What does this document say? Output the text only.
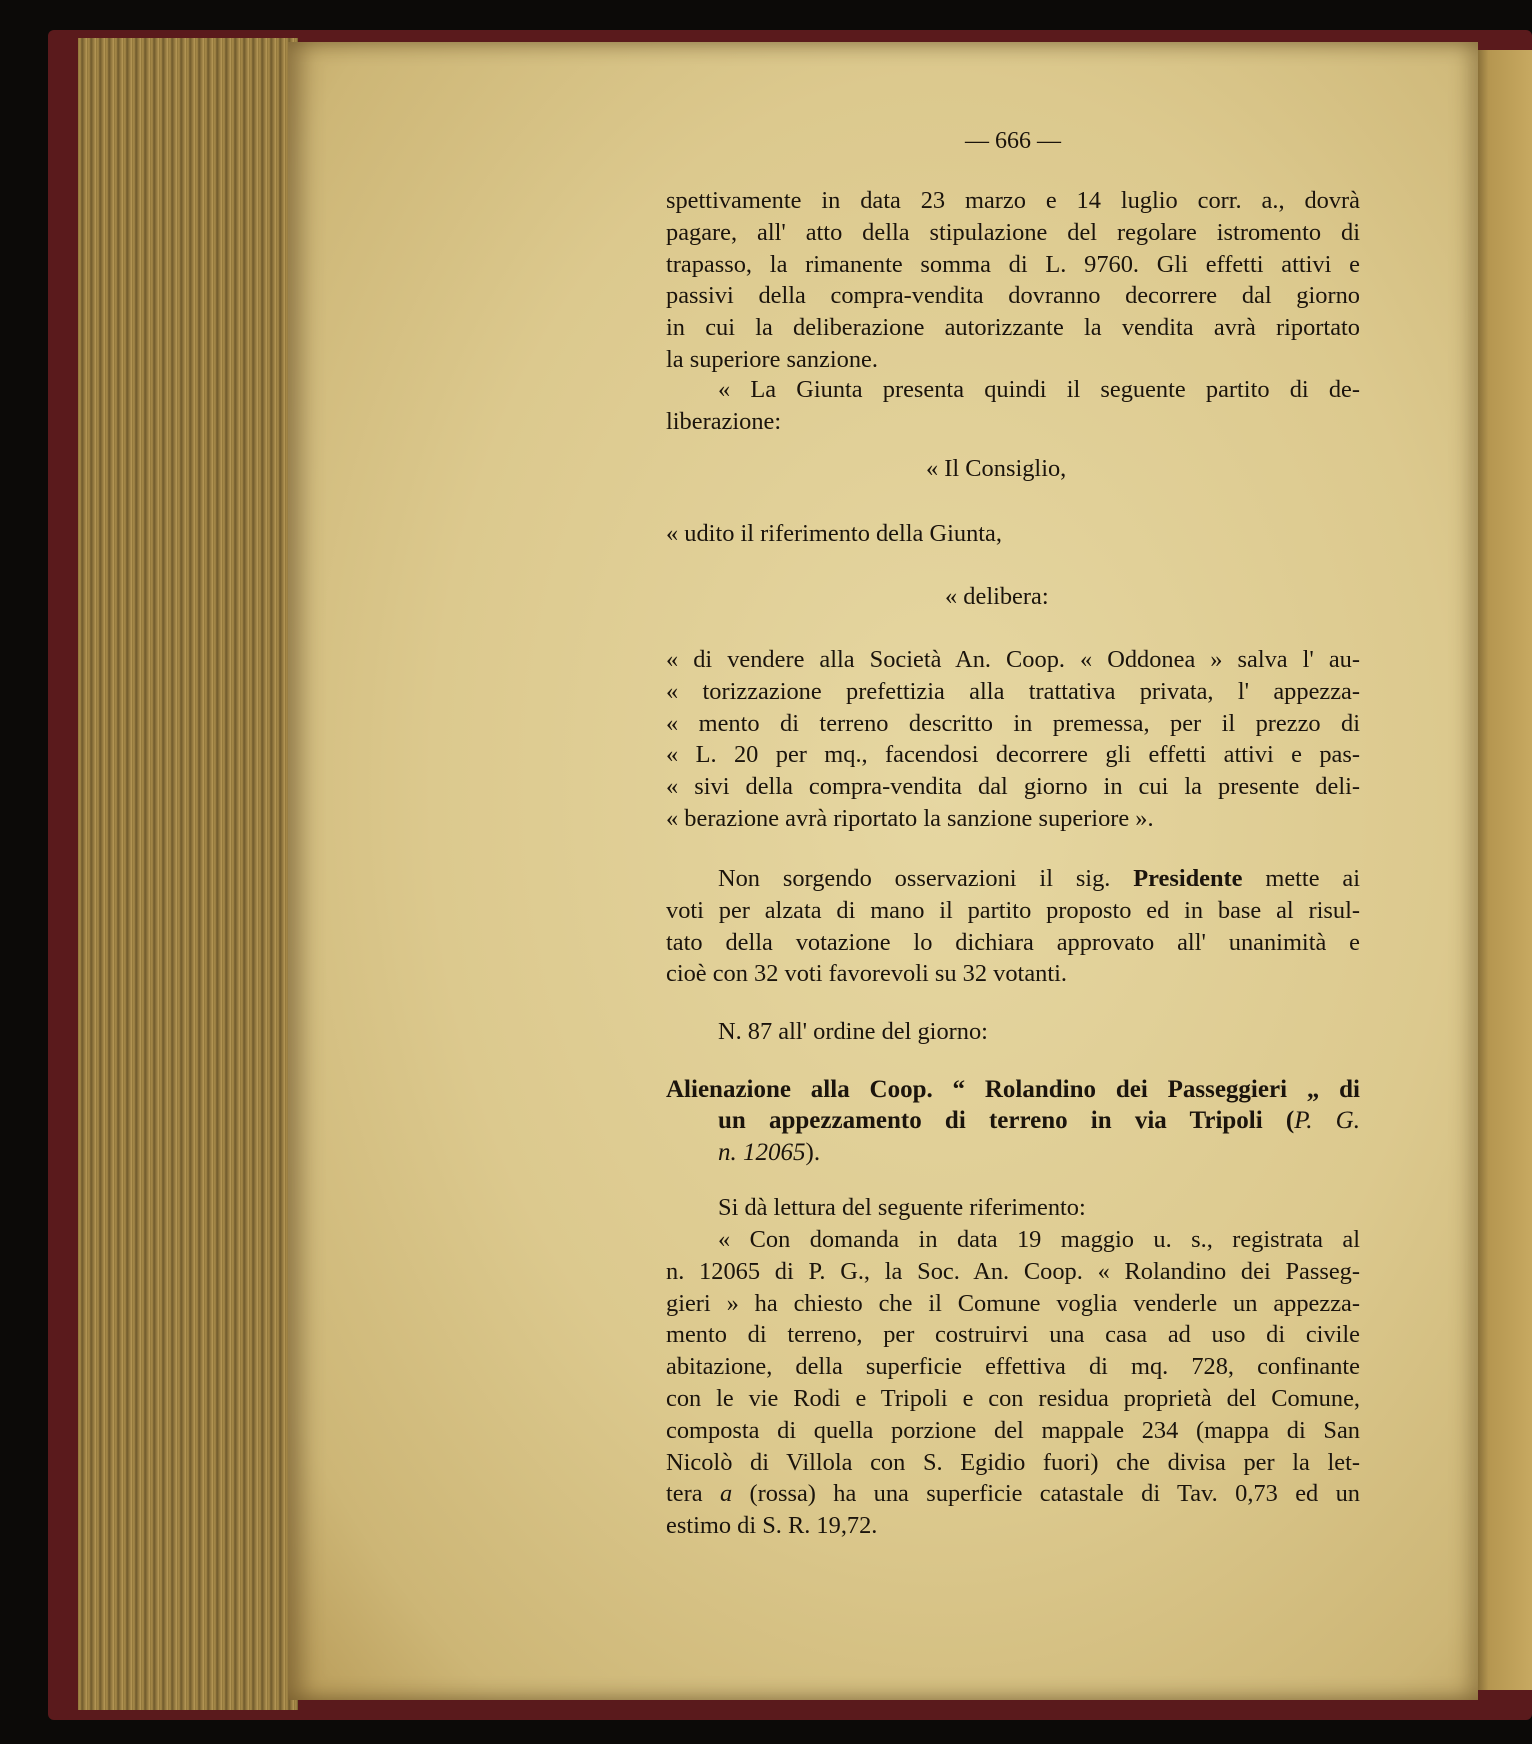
— 666 —

spettivamente in data 23 marzo e 14 luglio corr. a., dovrà

pagare, all' atto della stipulazione del regolare istromento di

trapasso, la rimanente somma di L. 9760. Gli effetti attivi e

passivi della compra-vendita dovranno decorrere dal giorno

in cui la deliberazione autorizzante la vendita avrà riportato

la superiore sanzione.

« La Giunta presenta quindi il seguente partito di de-

liberazione:

« Il Consiglio,
« udito il riferimento della Giunta,
« delibera:

« di vendere alla Società An. Coop. « Oddonea » salva l' au-

« torizzazione prefettizia alla trattativa privata, l' appezza-

« mento di terreno descritto in premessa, per il prezzo di

« L. 20 per mq., facendosi decorrere gli effetti attivi e pas-

« sivi della compra-vendita dal giorno in cui la presente deli-

« berazione avrà riportato la sanzione superiore ».

Non sorgendo osservazioni il sig. Presidente mette ai

voti per alzata di mano il partito proposto ed in base al risul-

tato della votazione lo dichiara approvato all' unanimità e

cioè con 32 voti favorevoli su 32 votanti.

N. 87 all' ordine del giorno:

Alienazione alla Coop. “ Rolandino dei Passeggieri „ di

un appezzamento di terreno in via Tripoli (P. G.

n. 12065).

Si dà lettura del seguente riferimento:

« Con domanda in data 19 maggio u. s., registrata al

n. 12065 di P. G., la Soc. An. Coop. « Rolandino dei Passeg-

gieri » ha chiesto che il Comune voglia venderle un appezza-

mento di terreno, per costruirvi una casa ad uso di civile

abitazione, della superficie effettiva di mq. 728, confinante

con le vie Rodi e Tripoli e con residua proprietà del Comune,

composta di quella porzione del mappale 234 (mappa di San

Nicolò di Villola con S. Egidio fuori) che divisa per la let-

tera a (rossa) ha una superficie catastale di Tav. 0,73 ed un

estimo di S. R. 19,72.
